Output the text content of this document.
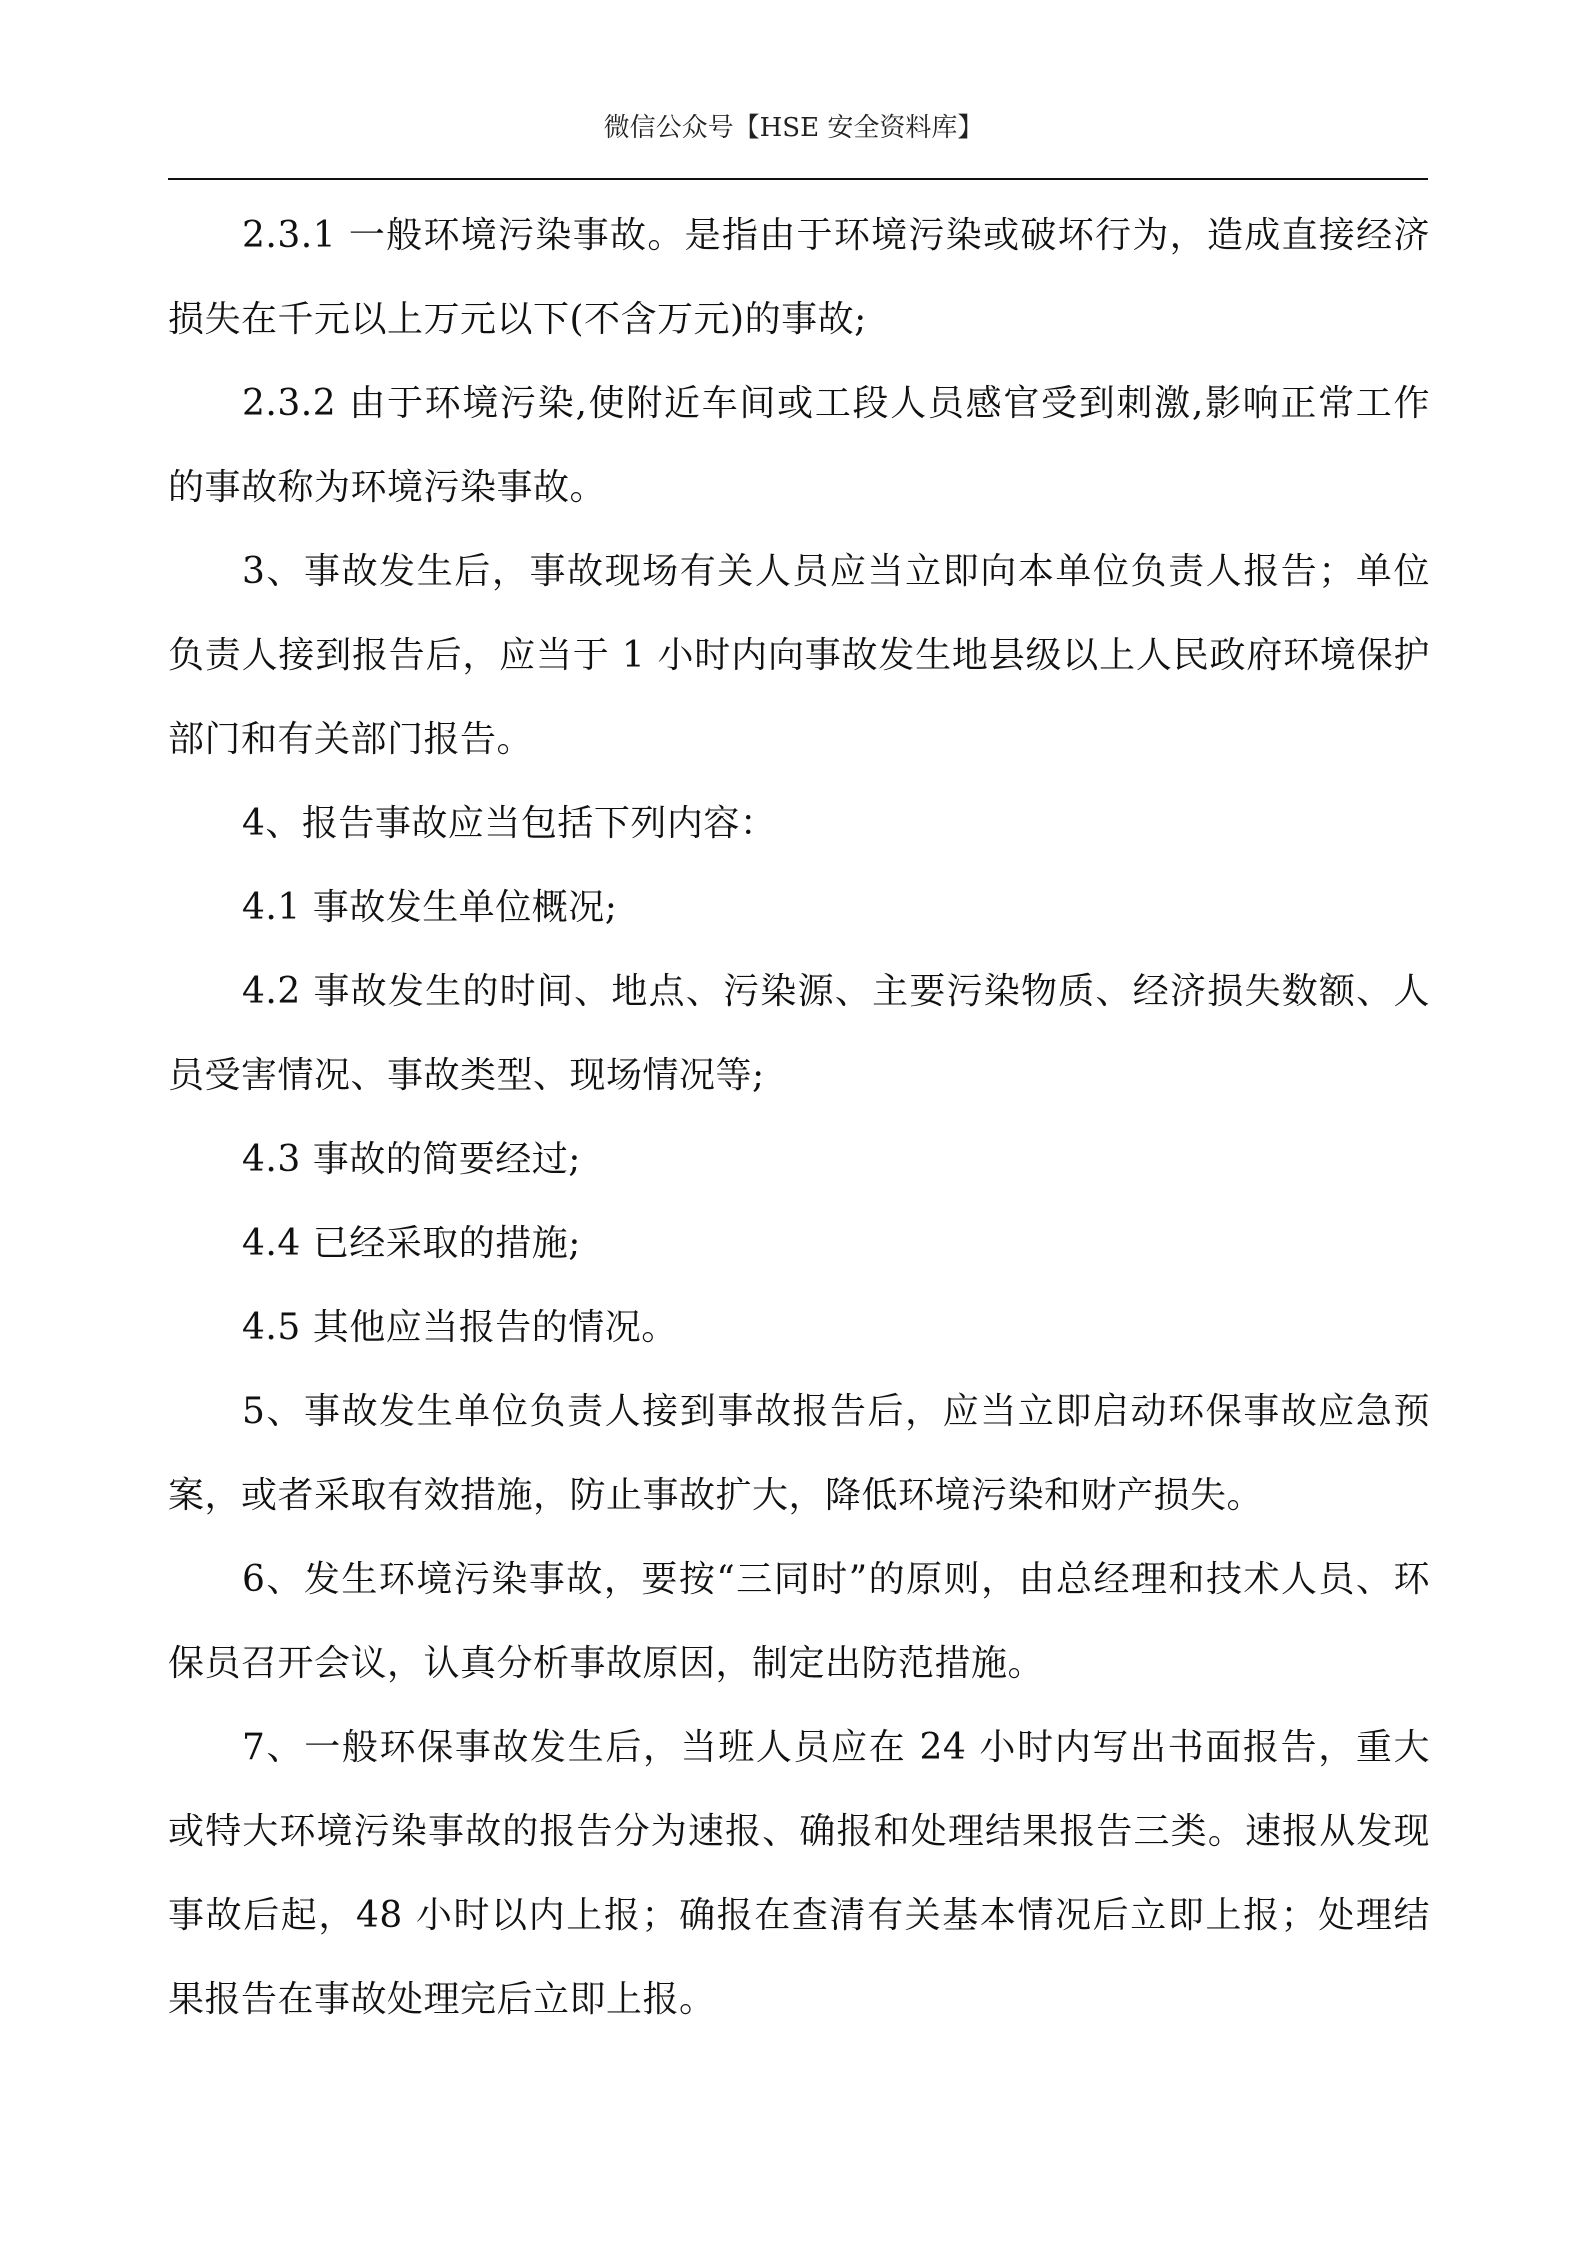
微信公众号【HSE 安全资料库】

2.3.1 一般环境污染事故。是指由于环境污染或破坏行为，造成直接经济损失在千元以上万元以下(不含万元)的事故;

2.3.2 由于环境污染,使附近车间或工段人员感官受到刺激,影响正常工作的事故称为环境污染事故。

3、事故发生后，事故现场有关人员应当立即向本单位负责人报告；单位负责人接到报告后，应当于 1 小时内向事故发生地县级以上人民政府环境保护部门和有关部门报告。

4、报告事故应当包括下列内容：

4.1 事故发生单位概况;

4.2 事故发生的时间、地点、污染源、主要污染物质、经济损失数额、人员受害情况、事故类型、现场情况等;

4.3 事故的简要经过;

4.4 已经采取的措施;

4.5 其他应当报告的情况。

5、事故发生单位负责人接到事故报告后，应当立即启动环保事故应急预案，或者采取有效措施，防止事故扩大，降低环境污染和财产损失。

6、发生环境污染事故，要按“三同时”的原则，由总经理和技术人员、环保员召开会议，认真分析事故原因，制定出防范措施。

7、一般环保事故发生后，当班人员应在 24 小时内写出书面报告，重大或特大环境污染事故的报告分为速报、确报和处理结果报告三类。速报从发现事故后起，48 小时以内上报；确报在查清有关基本情况后立即上报；处理结果报告在事故处理完后立即上报。
